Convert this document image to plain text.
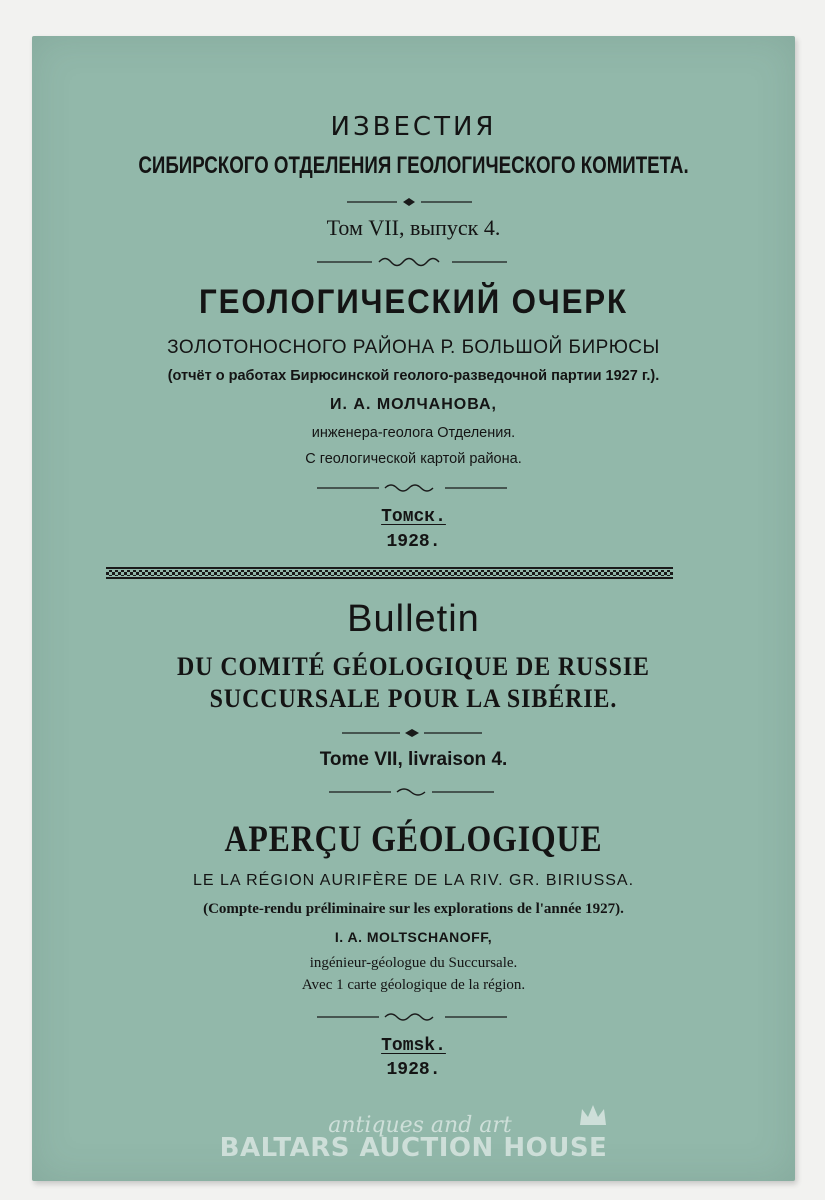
ИЗВЕСТИЯ
СИБИРСКОГО ОТДЕЛЕНИЯ ГЕОЛОГИЧЕСКОГО КОМИТЕТА.
Том VII, выпуск 4.
ГЕОЛОГИЧЕСКИЙ ОЧЕРК
ЗОЛОТОНОСНОГО РАЙОНА Р. БОЛЬШОЙ БИРЮСЫ
(отчёт о работах Бирюсинской геолого-разведочной партии 1927 г.).
И. А. МОЛЧАНОВА,
инженера-геолога Отделения.
С геологической картой района.
Томск.
1928.
Bulletin
DU COMITÉ GÉOLOGIQUE DE RUSSIE
SUCCURSALE POUR LA SIBÉRIE.
Tome VII, livraison 4.
APERÇU GÉOLOGIQUE
LE LA RÉGION AURIFÈRE DE LA RIV. GR. BIRIUSSA.
(Compte-rendu préliminaire sur les explorations de l'année 1927).
I. A. MOLTSCHANOFF,
ingénieur-géologue du Succursale.
Avec 1 carte géologique de la région.
Tomsk.
1928.
antiques and art
BALTARS AUCTION HOUSE
